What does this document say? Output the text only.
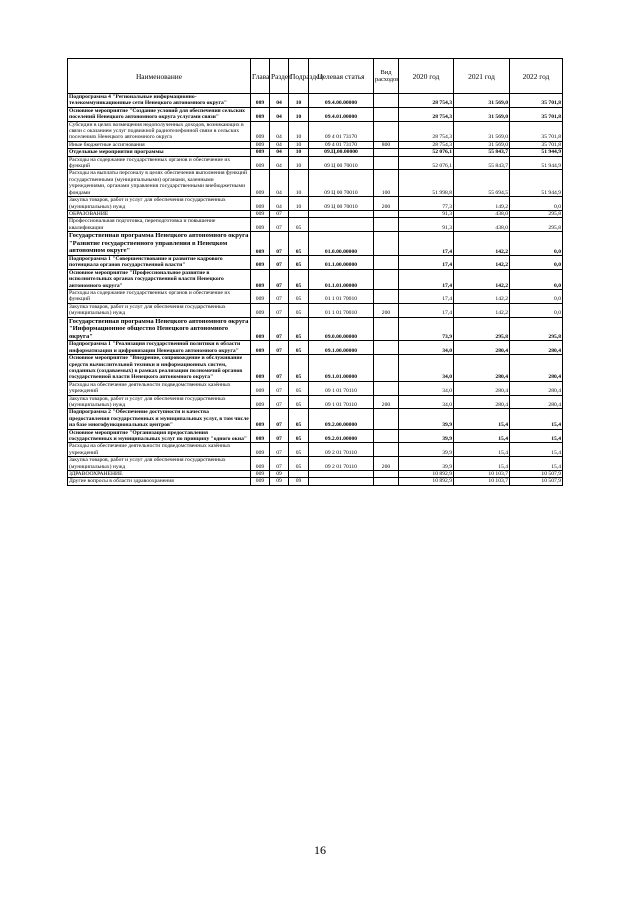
Наименование	Глава	Раздел	Подраздел	Целевая статья	Вид расходов	2020 год	2021 год	2022 год
Подпрограмма 4 "Региональные информационно-телекоммуникационные сети Ненецкого автономного округа"	009	04	10	09.4.00.00000		28 754,3	31 569,0	35 701,8
Основное мероприятие "Создание условий для обеспечения сельских поселений Ненецкого автономного округа услугами связи"	009	04	10	09.4.01.00000		28 754,3	31 569,0	35 701,8
Субсидии в целях возмещения недополученных доходов, возникающих в связи с оказанием услуг подвижной радиотелефонной связи в сельских поселениях Ненецкого автономного округа	009	04	10	09 4 01 73170		28 754,3	31 569,0	35 701,8
Иные бюджетные ассигнования	009	04	10	09 4 01 73170	800	28 754,3	31 569,0	35 701,8
Отдельные мероприятия программы	009	04	10	09.Ц.00.00000		52 076,1	55 843,7	51 944,9
Расходы на содержание государственных органов и обеспечение их функций	009	04	10	09 Ц 00 70010		52 076,1	55 843,7	51 944,9
Расходы на выплаты персоналу в целях обеспечения выполнения функций государственными (муниципальными) органами, казенными учреждениями, органами управления государственными внебюджетными фондами	009	04	10	09 Ц 00 70010	100	51 998,8	55 694,5	51 944,9
Закупка товаров, работ и услуг для обеспечения государственных (муниципальных) нужд	009	04	10	09 Ц 00 70010	200	77,3	149,2	0,0
ОБРАЗОВАНИЕ	009	07				91,3	438,0	295,8
Профессиональная подготовка, переподготовка и повышение квалификации	009	07	05			91,3	438,0	295,8
Государственная программа Ненецкого автономного округа "Развитие государственного управления в Ненецком автономном округе"	009	07	05	01.0.00.00000		17,4	142,2	0,0
Подпрограмма 1 "Совершенствование и развитие кадрового потенциала органов государственной власти"	009	07	05	01.1.00.00000		17,4	142,2	0,0
Основное мероприятие "Профессиональное развитие в исполнительных органах государственной власти Ненецкого автономного округа"	009	07	05	01.1.01.00000		17,4	142,2	0,0
Расходы на содержание государственных органов и обеспечение их функций	009	07	05	01 1 01 70010		17,4	142,2	0,0
Закупка товаров, работ и услуг для обеспечения государственных (муниципальных) нужд	009	07	05	01 1 01 70010	200	17,4	142,2	0,0
Государственная программа Ненецкого автономного округа "Информационное общество Ненецкого автономного округа"	009	07	05	09.0.00.00000		73,9	295,8	295,8
Подпрограмма 1 "Реализация государственной политики в области информатизации и цифровизации Ненецкого автономного округа"	009	07	05	09.1.00.00000		34,0	280,4	280,4
Основное мероприятие "Внедрение, сопровождение и обслуживание средств вычислительной техники и информационных систем, созданных (создаваемых) в рамках реализации полномочий органов государственной власти Ненецкого автономного округа"	009	07	05	09.1.01.00000		34,0	280,4	280,4
Расходы на обеспечение деятельности подведомственных казённых учреждений	009	07	05	09 1 01 70110		34,0	280,4	280,4
Закупка товаров, работ и услуг для обеспечения государственных (муниципальных) нужд	009	07	05	09 1 01 70110	200	34,0	280,4	280,4
Подпрограмма 2 "Обеспечение доступности и качества предоставления государственных и муниципальных услуг, в том числе на базе многофункциональных центров"	009	07	05	09.2.00.00000		39,9	15,4	15,4
Основное мероприятие "Организация предоставления государственных и муниципальных услуг по принципу "одного окна"	009	07	05	09.2.01.00000		39,9	15,4	15,4
Расходы на обеспечение деятельности подведомственных казённых учреждений	009	07	05	09 2 01 70110		39,9	15,4	15,4
Закупка товаров, работ и услуг для обеспечения государственных (муниципальных) нужд	009	07	05	09 2 01 70110	200	39,9	15,4	15,4
ЗДРАВООХРАНЕНИЕ	009	09				10 892,9	10 103,7	10 507,9
Другие вопросы в области здравоохранения	009	09	09			10 892,9	10 103,7	10 507,9
16
